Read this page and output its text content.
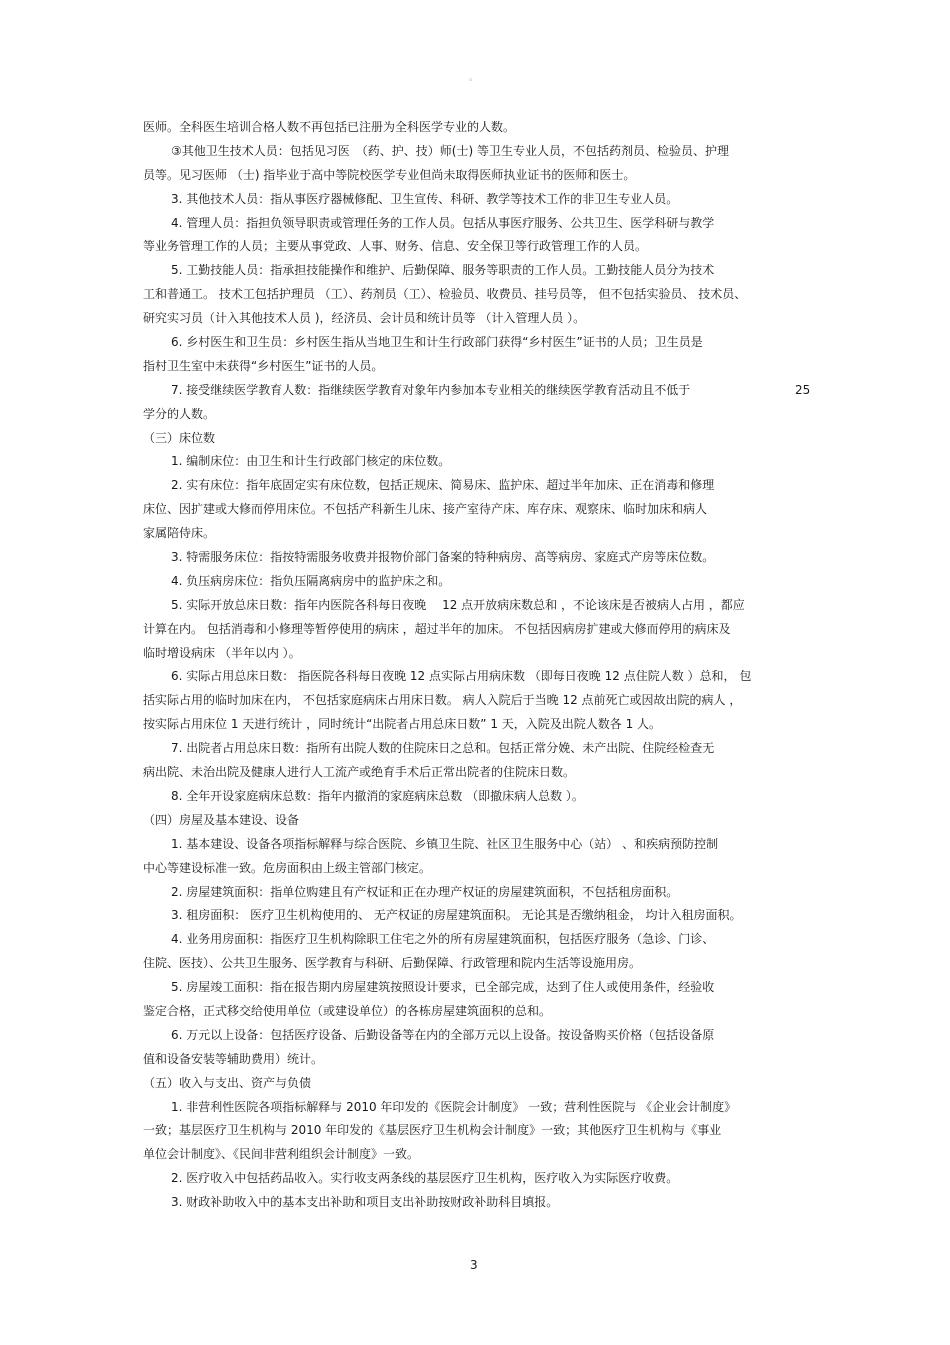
。
医师。全科医生培训合格人数不再包括已注册为全科医学专业的人数。
③其他卫生技术人员：包括见习医　（药、护、技）师(士) 等卫生专业人员，不包括药剂员、检验员、护理
员等。见习医师 （士) 指毕业于高中等院校医学专业但尚未取得医师执业证书的医师和医士。
3. 其他技术人员：指从事医疗器械修配、卫生宣传、科研、教学等技术工作的非卫生专业人员。
4. 管理人员：指担负领导职责或管理任务的工作人员。包括从事医疗服务、公共卫生、医学科研与教学
等业务管理工作的人员；主要从事党政、人事、财务、信息、安全保卫等行政管理工作的人员。
5. 工勤技能人员：指承担技能操作和维护、后勤保障、服务等职责的工作人员。工勤技能人员分为技术
工和普通工。 技术工包括护理员 （工）、药剂员（工）、检验员、收费员、挂号员等， 但不包括实验员、 技术员、
研究实习员（计入其他技术人员 )，经济员、会计员和统计员等 （计入管理人员 ）。
6. 乡村医生和卫生员：乡村医生指从当地卫生和计生行政部门获得“乡村医生”证书的人员；卫生员是
指村卫生室中未获得“乡村医生”证书的人员。
7. 接受继续医学教育人数：指继续医学教育对象年内参加本专业相关的继续医学教育活动且不低于	25
学分的人数。
（三）床位数
1. 编制床位：由卫生和计生行政部门核定的床位数。
2. 实有床位：指年底固定实有床位数，包括正规床、简易床、监护床、超过半年加床、正在消毒和修理
床位、因扩建或大修而停用床位。不包括产科新生儿床、接产室待产床、库存床、观察床、临时加床和病人
家属陪侍床。
3. 特需服务床位：指按特需服务收费并报物价部门备案的特种病房、高等病房、家庭式产房等床位数。
4. 负压病房床位：指负压隔离病房中的监护床之和。
5. 实际开放总床日数：指年内医院各科每日夜晚　 12 点开放病床数总和 ，不论该床是否被病人占用 ，都应
计算在内。 包括消毒和小修理等暂停使用的病床 ，超过半年的加床。 不包括因病房扩建或大修而停用的病床及
临时增设病床 （半年以内 ）。
6. 实际占用总床日数： 指医院各科每日夜晚 12 点实际占用病床数 （即每日夜晚 12 点住院人数 ）总和， 包
括实际占用的临时加床在内， 不包括家庭病床占用床日数。 病人入院后于当晚 12 点前死亡或因故出院的病人 ，
按实际占用床位 1 天进行统计 ，同时统计“出院者占用总床日数” 1 天，入院及出院人数各 1 人。
7. 出院者占用总床日数：指所有出院人数的住院床日之总和。包括正常分娩、未产出院、住院经检查无
病出院、未治出院及健康人进行人工流产或绝育手术后正常出院者的住院床日数。
8. 全年开设家庭病床总数：指年内撤消的家庭病床总数 （即撤床病人总数 ）。
（四）房屋及基本建设、设备
1. 基本建设、设备各项指标解释与综合医院、乡镇卫生院、社区卫生服务中心（站） 、和疾病预防控制
中心等建设标准一致。危房面积由上级主管部门核定。
2. 房屋建筑面积：指单位购建且有产权证和正在办理产权证的房屋建筑面积，不包括租房面积。
3. 租房面积： 医疗卫生机构使用的、 无产权证的房屋建筑面积。 无论其是否缴纳租金， 均计入租房面积。
4. 业务用房面积：指医疗卫生机构除职工住宅之外的所有房屋建筑面积，包括医疗服务（急诊、门诊、
住院、医技）、公共卫生服务、医学教育与科研、后勤保障、行政管理和院内生活等设施用房。
5. 房屋竣工面积：指在报告期内房屋建筑按照设计要求，已全部完成，达到了住人或使用条件，经验收
鉴定合格，正式移交给使用单位（或建设单位）的各栋房屋建筑面积的总和。
6. 万元以上设备：包括医疗设备、后勤设备等在内的全部万元以上设备。按设备购买价格（包括设备原
值和设备安装等辅助费用）统计。
（五）收入与支出、资产与负债
1. 非营利性医院各项指标解释与 2010 年印发的《医院会计制度》 一致；营利性医院与 《企业会计制度》
一致；基层医疗卫生机构与 2010 年印发的《基层医疗卫生机构会计制度》一致；其他医疗卫生机构与《事业
单位会计制度》、《民间非营利组织会计制度》一致。
2. 医疗收入中包括药品收入。实行收支两条线的基层医疗卫生机构，医疗收入为实际医疗收费。
3. 财政补助收入中的基本支出补助和项目支出补助按财政补助科目填报。
3
